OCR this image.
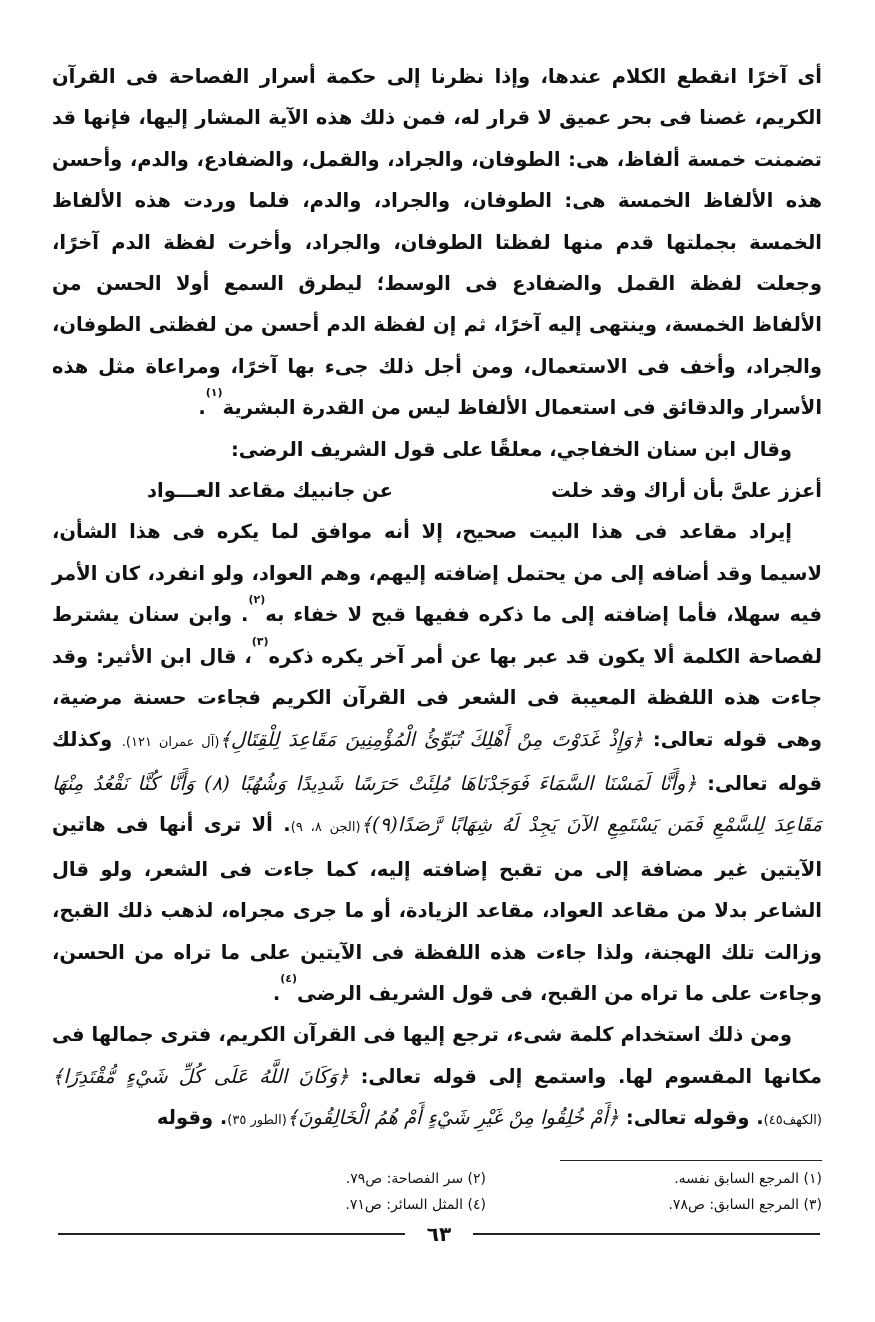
أى آخرًا انقطع الكلام عندها، وإذا نظرنا إلى حكمة أسرار الفصاحة فى القرآن الكريم، غصنا فى بحر عميق لا قرار له، فمن ذلك هذه الآية المشار إليها، فإنها قد تضمنت خمسة ألفاظ، هى: الطوفان، والجراد، والقمل، والضفادع، والدم، وأحسن هذه الألفاظ الخمسة هى: الطوفان، والجراد، والدم، فلما وردت هذه الألفاظ الخمسة بجملتها قدم منها لفظتا الطوفان، والجراد، وأخرت لفظة الدم آخرًا، وجعلت لفظة القمل والضفادع فى الوسط؛ ليطرق السمع أولا الحسن من الألفاظ الخمسة، وينتهى إليه آخرًا، ثم إن لفظة الدم أحسن من لفظتى الطوفان، والجراد، وأخف فى الاستعمال، ومن أجل ذلك جىء بها آخرًا، ومراعاة مثل هذه الأسرار والدقائق فى استعمال الألفاظ ليس من القدرة البشرية$^{(١)}$.

وقال ابن سنان الخفاجي، معلقًا على قول الشريف الرضى:

أعزز علىَّ بأن أراك وقد خلت
عن جانبيك مقاعد العـــواد

إيراد مقاعد فى هذا البيت صحيح، إلا أنه موافق لما يكره فى هذا الشأن، لاسيما وقد أضافه إلى من يحتمل إضافته إليهم، وهم العواد، ولو انفرد، كان الأمر فيه سهلا، فأما إضافته إلى ما ذكره ففيها قبح لا خفاء به$^{(٢)}$. وابن سنان يشترط لفصاحة الكلمة ألا يكون قد عبر بها عن أمر آخر يكره ذكره$^{(٣)}$، قال ابن الأثير: وقد جاءت هذه اللفظة المعيبة فى الشعر فى القرآن الكريم فجاءت حسنة مرضية، وهى قوله تعالى: ﴿وَإِذْ غَدَوْتَ مِنْ أَهْلِكَ تُبَوِّئُ الْمُؤْمِنِينَ مَقَاعِدَ لِلْقِتَالِ﴾(آل عمران ١٢١). وكذلك قوله تعالى: ﴿وأَنَّا لَمَسْنَا السَّمَاءَ فَوَجَدْنَاهَا مُلِئَتْ حَرَسًا شَدِيدًا وَشُهُبًا (٨) وَأَنَّا كُنَّا نَقْعُدُ مِنْهَا مَقَاعِدَ لِلسَّمْعِ فَمَن يَسْتَمِعِ الآنَ يَجِدْ لَهُ شِهَابًا رَّصَدًا(٩)﴾(الجن ٨، ٩). ألا ترى أنها فى هاتين الآيتين غير مضافة إلى من تقبح إضافته إليه، كما جاءت فى الشعر، ولو قال الشاعر بدلا من مقاعد العواد، مقاعد الزيادة، أو ما جرى مجراه، لذهب ذلك القبح، وزالت تلك الهجنة، ولذا جاءت هذه اللفظة فى الآيتين على ما تراه من الحسن، وجاءت على ما تراه من القبح، فى قول الشريف الرضى$^{(٤)}$.

ومن ذلك استخدام كلمة شىء، ترجع إليها فى القرآن الكريم، فترى جمالها فى مكانها المقسوم لها. واستمع إلى قوله تعالى: ﴿وَكَانَ اللَّهُ عَلَى كُلِّ شَيْءٍ مُّقْتَدِرًا﴾(الكهف٤٥). وقوله تعالى: ﴿أَمْ خُلِقُوا مِنْ غَيْرِ شَيْءٍ أَمْ هُمُ الْخَالِقُونَ﴾(الطور ٣٥). وقوله

(١) المرجع السابق نفسه.
(٢) سر الفصاحة: ص٧٩.
(٣) المرجع السابق: ص٧٨.
(٤) المثل السائر: ص٧١.
٦٣
